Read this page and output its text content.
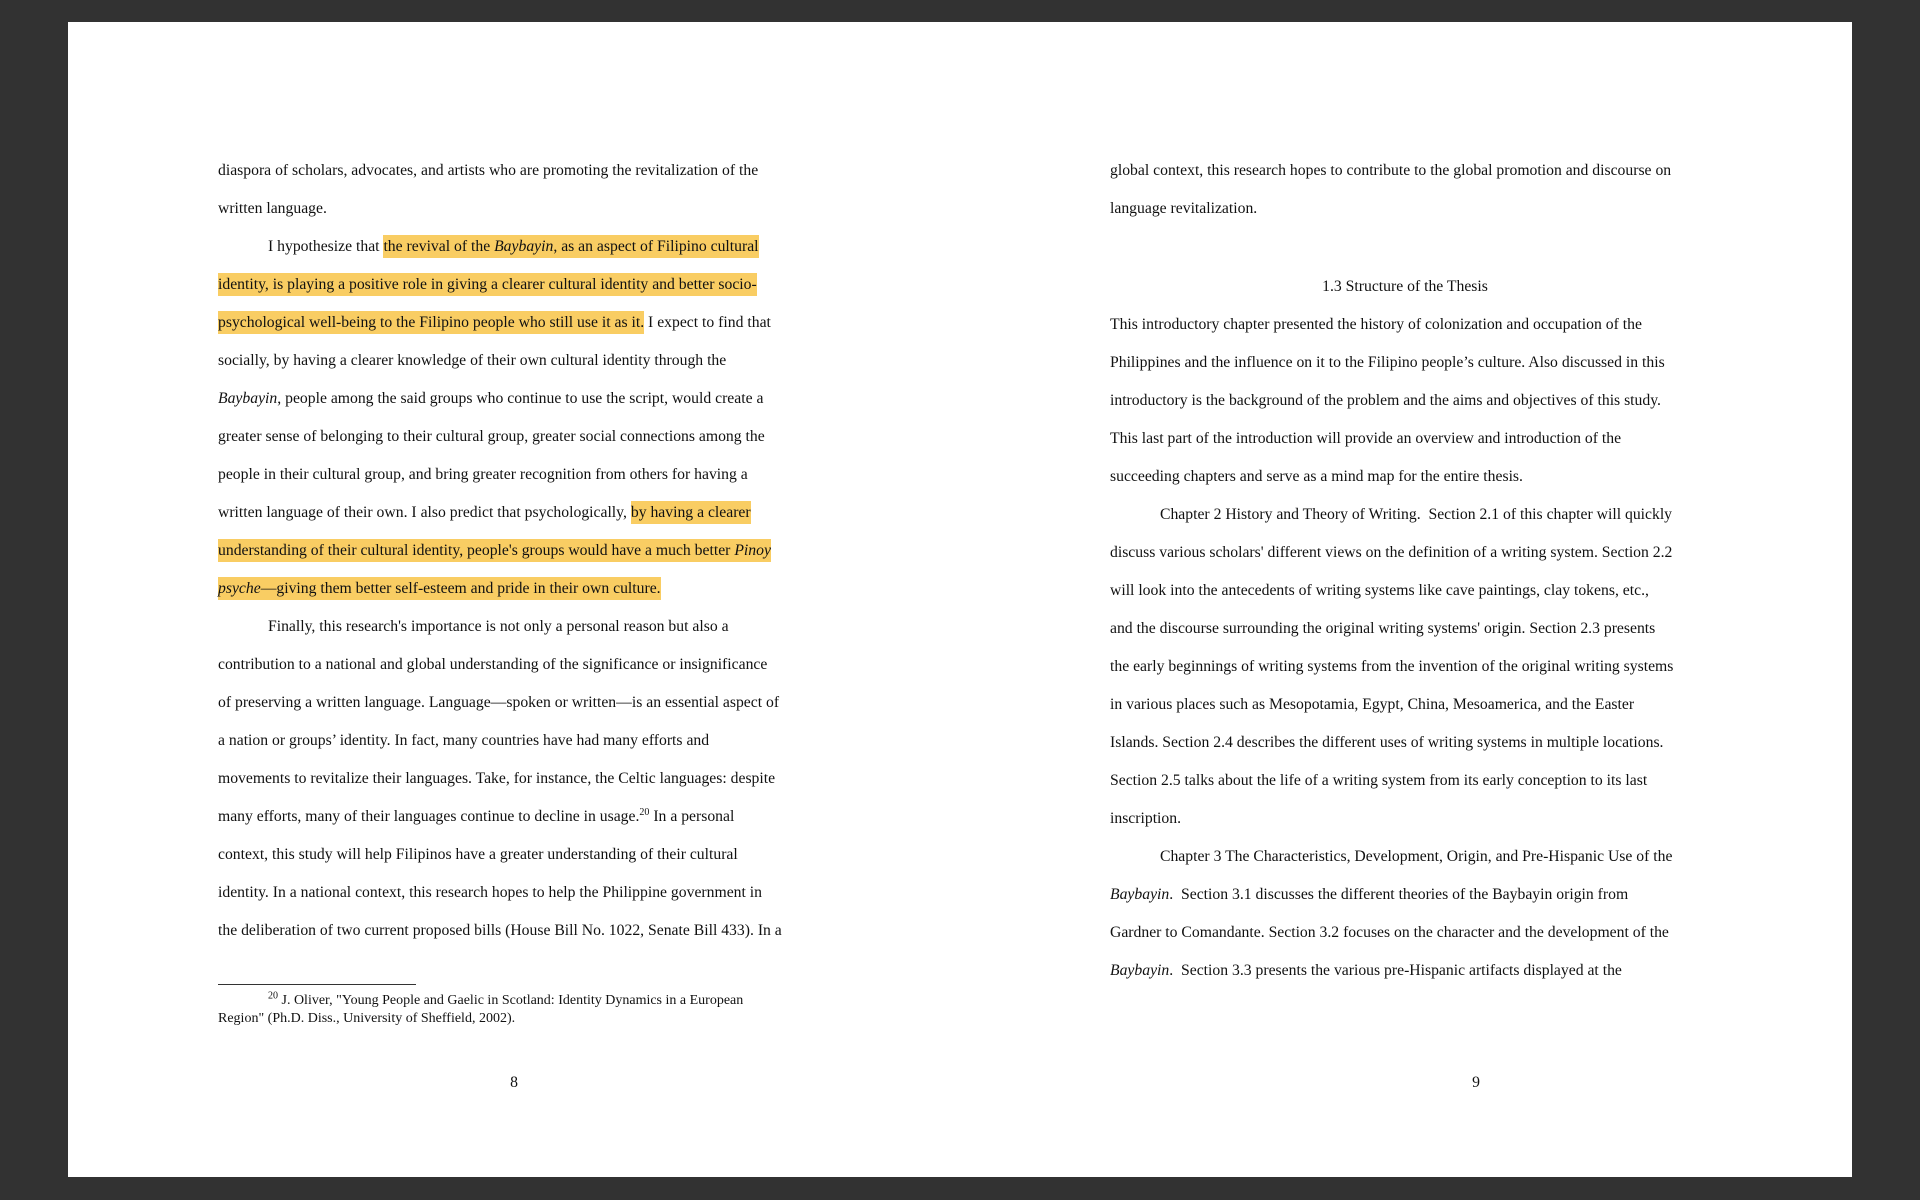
diaspora of scholars, advocates, and artists who are promoting the revitalization of the
written language.
I hypothesize that the revival of the Baybayin, as an aspect of Filipino cultural
identity, is playing a positive role in giving a clearer cultural identity and better socio-
psychological well-being to the Filipino people who still use it as it. I expect to find that
socially, by having a clearer knowledge of their own cultural identity through the
Baybayin, people among the said groups who continue to use the script, would create a
greater sense of belonging to their cultural group, greater social connections among the
people in their cultural group, and bring greater recognition from others for having a
written language of their own. I also predict that psychologically, by having a clearer
understanding of their cultural identity, people's groups would have a much better Pinoy
psyche—giving them better self-esteem and pride in their own culture.
Finally, this research's importance is not only a personal reason but also a
contribution to a national and global understanding of the significance or insignificance
of preserving a written language. Language—spoken or written—is an essential aspect of
a nation or groups’ identity. In fact, many countries have had many efforts and
movements to revitalize their languages. Take, for instance, the Celtic languages: despite
many efforts, many of their languages continue to decline in usage.$^{20}$ In a personal
context, this study will help Filipinos have a greater understanding of their cultural
identity. In a national context, this research hopes to help the Philippine government in
the deliberation of two current proposed bills (House Bill No. 1022, Senate Bill 433). In a
$^{20}$ J. Oliver, "Young People and Gaelic in Scotland: Identity Dynamics in a European
Region" (Ph.D. Diss., University of Sheffield, 2002).
8
global context, this research hopes to contribute to the global promotion and discourse on
language revitalization.
1.3 Structure of the Thesis
This introductory chapter presented the history of colonization and occupation of the
Philippines and the influence on it to the Filipino people’s culture. Also discussed in this
introductory is the background of the problem and the aims and objectives of this study.
This last part of the introduction will provide an overview and introduction of the
succeeding chapters and serve as a mind map for the entire thesis.
Chapter 2 History and Theory of Writing.  Section 2.1 of this chapter will quickly
discuss various scholars' different views on the definition of a writing system. Section 2.2
will look into the antecedents of writing systems like cave paintings, clay tokens, etc.,
and the discourse surrounding the original writing systems' origin. Section 2.3 presents
the early beginnings of writing systems from the invention of the original writing systems
in various places such as Mesopotamia, Egypt, China, Mesoamerica, and the Easter
Islands. Section 2.4 describes the different uses of writing systems in multiple locations.
Section 2.5 talks about the life of a writing system from its early conception to its last
inscription.
Chapter 3 The Characteristics, Development, Origin, and Pre-Hispanic Use of the
Baybayin.  Section 3.1 discusses the different theories of the Baybayin origin from
Gardner to Comandante. Section 3.2 focuses on the character and the development of the
Baybayin.  Section 3.3 presents the various pre-Hispanic artifacts displayed at the
9
